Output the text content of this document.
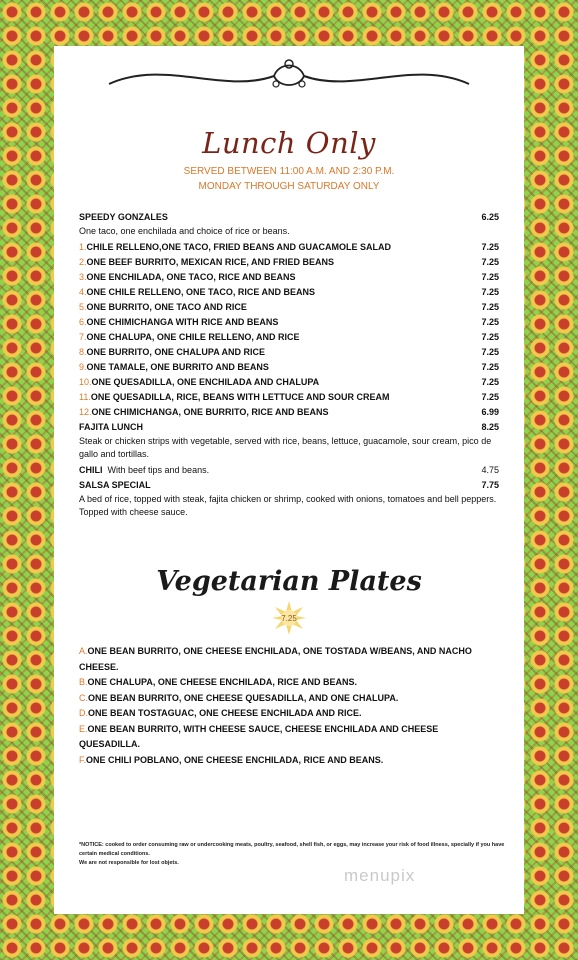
Lunch Only
SERVED BETWEEN 11:00 A.M. AND 2:30 P.M.
MONDAY THROUGH SATURDAY ONLY
SPEEDY GONZALES	6.25
One taco, one enchilada and choice of rice or beans.
1.CHILE RELLENO,ONE TACO, FRIED BEANS AND GUACAMOLE SALAD	7.25
2.ONE BEEF BURRITO, MEXICAN RICE, AND FRIED BEANS	7.25
3.ONE ENCHILADA, ONE TACO, RICE AND BEANS	7.25
4.ONE CHILE RELLENO, ONE TACO, RICE AND BEANS	7.25
5.ONE BURRITO, ONE TACO AND RICE	7.25
6.ONE CHIMICHANGA WITH RICE AND BEANS	7.25
7.ONE CHALUPA, ONE CHILE RELLENO, AND RICE	7.25
8.ONE BURRITO, ONE CHALUPA AND RICE	7.25
9.ONE TAMALE, ONE BURRITO AND BEANS	7.25
10.ONE QUESADILLA, ONE ENCHILADA AND CHALUPA	7.25
11.ONE QUESADILLA, RICE, BEANS WITH LETTUCE AND SOUR CREAM	7.25
12.ONE CHIMICHANGA, ONE BURRITO, RICE AND BEANS	6.99
FAJITA LUNCH	8.25
Steak or chicken strips with vegetable, served with rice, beans, lettuce, guacamole, sour cream, pico de gallo and tortillas.
CHILI With beef tips and beans.	4.75
SALSA SPECIAL	7.75
A bed of rice, topped with steak, fajita chicken or shrimp, cooked with onions, tomatoes and bell peppers. Topped with cheese sauce.
Vegetarian Plates
7.25
A.ONE BEAN BURRITO, ONE CHEESE ENCHILADA, ONE TOSTADA W/BEANS, AND NACHO CHEESE.
B.ONE CHALUPA, ONE CHEESE ENCHILADA, RICE AND BEANS.
C.ONE BEAN BURRITO, ONE CHEESE QUESADILLA, AND ONE CHALUPA.
D.ONE BEAN TOSTAGUAC, ONE CHEESE ENCHILADA AND RICE.
E.ONE BEAN BURRITO, WITH CHEESE SAUCE, CHEESE ENCHILADA AND CHEESE QUESADILLA.
F.ONE CHILI POBLANO, ONE CHEESE ENCHILADA, RICE AND BEANS.
*NOTICE: cooked to order consuming raw or undercooking meats, poultry, seafood, shell fish, or eggs, may increase your risk of food illness, specially if you have certain medical conditions.
We are not responsible for lost objets.
menupix
